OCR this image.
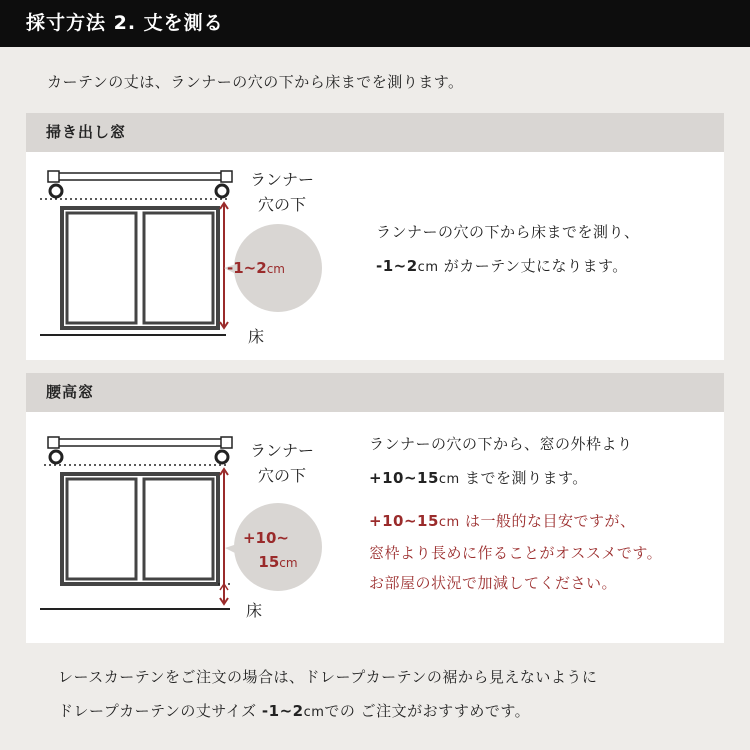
採寸方法 2. 丈を測る
カーテンの丈は、ランナーの穴の下から床までを測ります。
掃き出し窓
-1~2cm
ランナー
穴の下
床
ランナーの穴の下から床までを測り、
-1~2cm がカーテン丈になります。
腰高窓
+10~
15cm
ランナー
穴の下
床
ランナーの穴の下から、窓の外枠より
+10~15cm までを測ります。
+10~15cm は一般的な目安ですが、
窓枠より長めに作ることがオススメです。
お部屋の状況で加減してください。
レースカーテンをご注文の場合は、ドレープカーテンの裾から見えないように
ドレープカーテンの丈サイズ -1~2cmでの ご注文がおすすめです。
